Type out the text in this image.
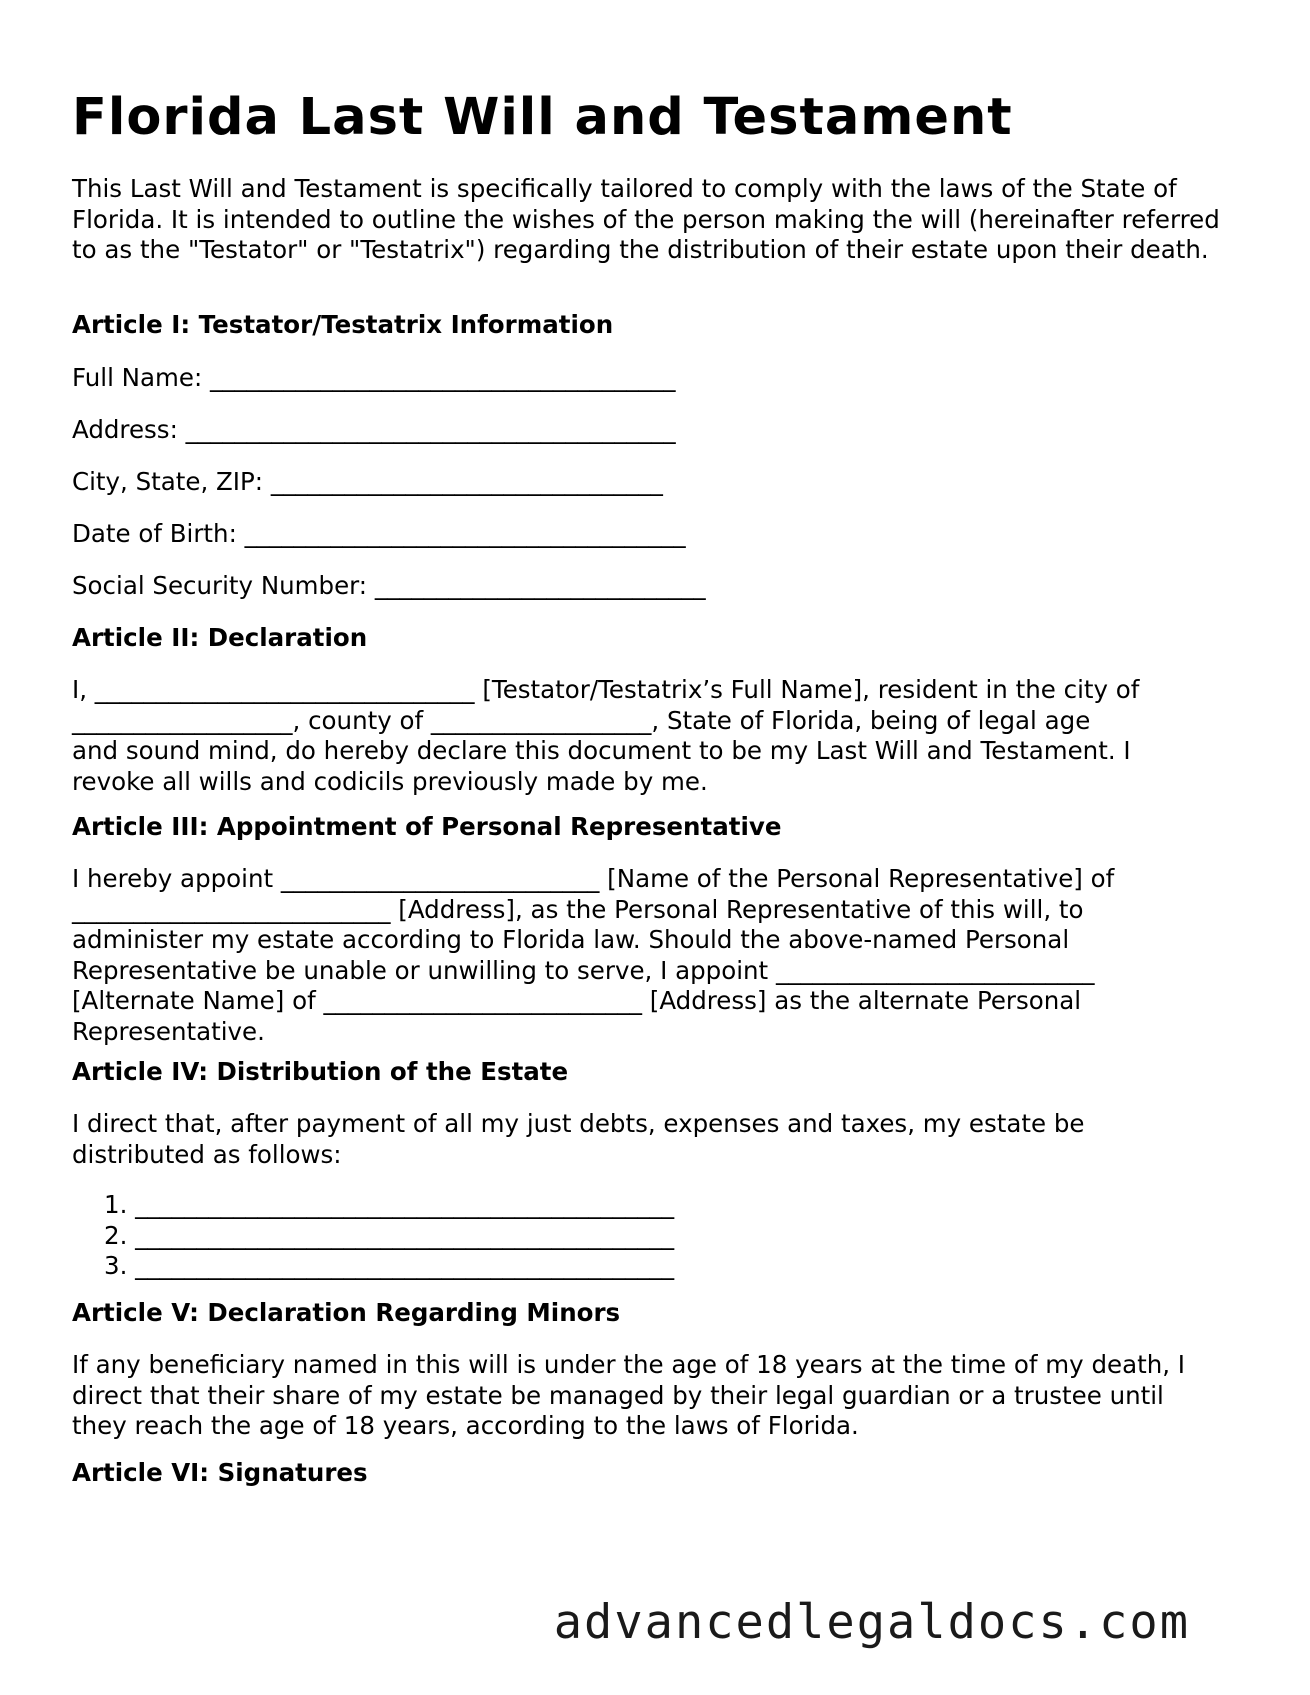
Florida Last Will and Testament
This Last Will and Testament is specifically tailored to comply with the laws of the State of Florida. It is intended to outline the wishes of the person making the will (hereinafter referred to as the "Testator" or "Testatrix") regarding the distribution of their estate upon their death.
Article I: Testator/Testatrix Information
Full Name: ______________________________________
Address: ________________________________________
City, State, ZIP: ________________________________
Date of Birth: ____________________________________
Social Security Number: ___________________________
Article II: Declaration
I, _______________________________ [Testator/Testatrix’s Full Name], resident in the city of
__________________, county of __________________, State of Florida, being of legal age
and sound mind, do hereby declare this document to be my Last Will and Testament. I
revoke all wills and codicils previously made by me.
Article III: Appointment of Personal Representative
I hereby appoint __________________________ [Name of the Personal Representative] of
__________________________ [Address], as the Personal Representative of this will, to
administer my estate according to Florida law. Should the above-named Personal
Representative be unable or unwilling to serve, I appoint __________________________
[Alternate Name] of __________________________ [Address] as the alternate Personal
Representative.
Article IV: Distribution of the Estate
I direct that, after payment of all my just debts, expenses and taxes, my estate be
distributed as follows:
1. ____________________________________________
2. ____________________________________________
3. ____________________________________________
Article V: Declaration Regarding Minors
If any beneficiary named in this will is under the age of 18 years at the time of my death, I
direct that their share of my estate be managed by their legal guardian or a trustee until
they reach the age of 18 years, according to the laws of Florida.
Article VI: Signatures
advancedlegaldocs.com
